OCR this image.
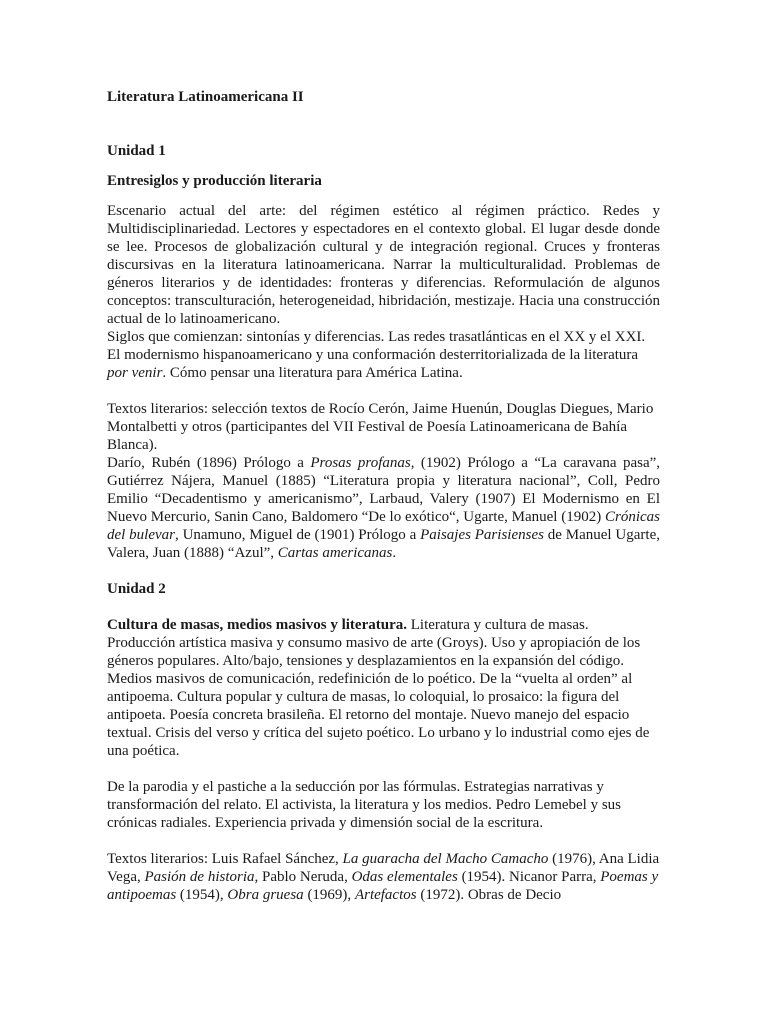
Literatura Latinoamericana II

Unidad 1

Entresiglos y producción literaria

Escenario actual del arte: del régimen estético al régimen práctico. Redes y Multidisciplinariedad. Lectores y espectadores en el contexto global. El lugar desde donde se lee. Procesos de globalización cultural y de integración regional. Cruces y fronteras discursivas en la literatura latinoamericana. Narrar la multiculturalidad. Problemas de géneros literarios y de identidades: fronteras y diferencias. Reformulación de algunos conceptos: transculturación, heterogeneidad, hibridación, mestizaje. Hacia una construcción actual de lo latinoamericano.

Siglos que comienzan: sintonías y diferencias. Las redes trasatlánticas en el XX y el XXI.

El modernismo hispanoamericano y una conformación desterritorializada de la literatura por venir. Cómo pensar una literatura para América Latina.

Textos literarios: selección textos de Rocío Cerón, Jaime Huenún, Douglas Diegues, Mario Montalbetti y otros (participantes del VII Festival de Poesía Latinoamericana de Bahía Blanca).

Darío, Rubén (1896) Prólogo a Prosas profanas, (1902) Prólogo a “La caravana pasa”, Gutiérrez Nájera, Manuel (1885) “Literatura propia y literatura nacional”, Coll, Pedro Emilio “Decadentismo y americanismo”, Larbaud, Valery (1907) El Modernismo en El Nuevo Mercurio, Sanin Cano, Baldomero “De lo exótico“, Ugarte, Manuel (1902) Crónicas del bulevar, Unamuno, Miguel de (1901) Prólogo a Paisajes Parisienses de Manuel Ugarte, Valera, Juan (1888) “Azul”, Cartas americanas.

Unidad 2

Cultura de masas, medios masivos y literatura. Literatura y cultura de masas. Producción artística masiva y consumo masivo de arte (Groys). Uso y apropiación de los géneros populares. Alto/bajo, tensiones y desplazamientos en la expansión del código. Medios masivos de comunicación, redefinición de lo poético. De la “vuelta al orden” al antipoema. Cultura popular y cultura de masas, lo coloquial, lo prosaico: la figura del antipoeta. Poesía concreta brasileña. El retorno del montaje. Nuevo manejo del espacio textual. Crisis del verso y crítica del sujeto poético. Lo urbano y lo industrial como ejes de una poética.

De la parodia y el pastiche a la seducción por las fórmulas. Estrategias narrativas y transformación del relato. El activista, la literatura y los medios. Pedro Lemebel y sus crónicas radiales. Experiencia privada y dimensión social de la escritura.

Textos literarios: Luis Rafael Sánchez, La guaracha del Macho Camacho (1976), Ana Lidia Vega, Pasión de historia, Pablo Neruda, Odas elementales (1954). Nicanor Parra, Poemas y antipoemas (1954), Obra gruesa (1969), Artefactos (1972). Obras de Decio
